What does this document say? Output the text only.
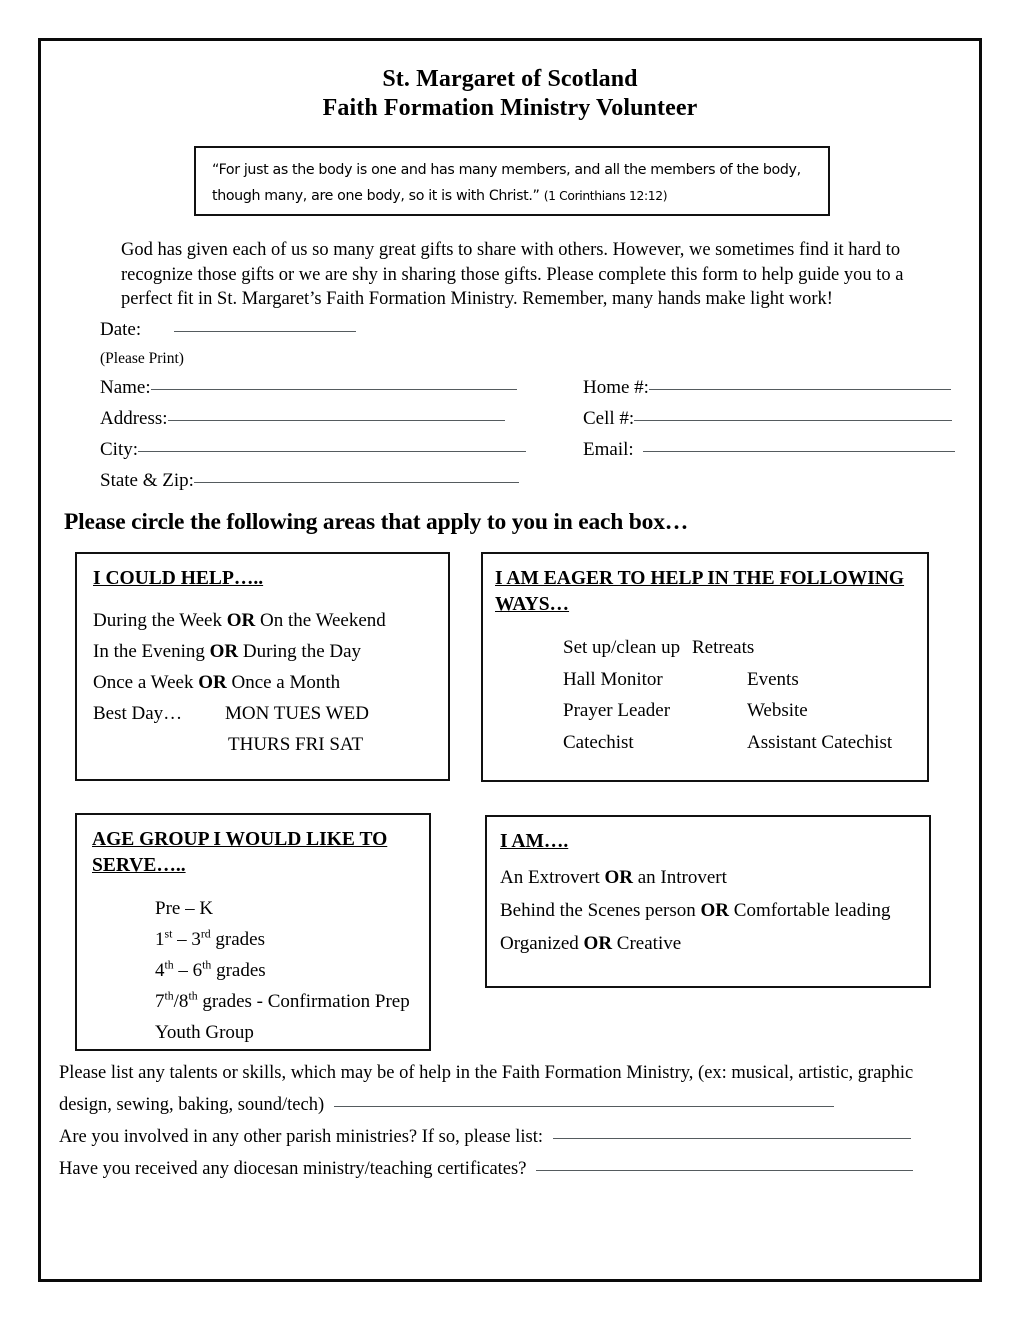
St. Margaret of Scotland
Faith Formation Ministry Volunteer
“For just as the body is one and has many members, and all the members of the body, though many, are one body, so it is with Christ.” (1 Corinthians 12:12)
God has given each of us so many great gifts to share with others. However, we sometimes find it hard to recognize those gifts or we are shy in sharing those gifts. Please complete this form to help guide you to a perfect fit in St. Margaret’s Faith Formation Ministry. Remember, many hands make light work!
Date:
(Please Print)
Name:	Home #:
Address:	Cell #:
City:	Email:
State & Zip:
Please circle the following areas that apply to you in each box…
I COULD HELP…..
During the Week OR On the Weekend
In the Evening OR During the Day
Once a Week OR Once a Month
Best Day… MON TUES WED
THURS FRI SAT
I AM EAGER TO HELP IN THE FOLLOWING WAYS…
Set up/clean up Retreats
Hall Monitor	Events
Prayer Leader	Website
Catechist	Assistant Catechist
AGE GROUP I WOULD LIKE TO SERVE…..
Pre – K
1st – 3rd grades
4th – 6th grades
7th/8th grades - Confirmation Prep
Youth Group
I AM….
An Extrovert OR an Introvert
Behind the Scenes person OR Comfortable leading
Organized OR Creative
Please list any talents or skills, which may be of help in the Faith Formation Ministry, (ex: musical, artistic, graphic
design, sewing, baking, sound/tech)
Are you involved in any other parish ministries? If so, please list:
Have you received any diocesan ministry/teaching certificates?
